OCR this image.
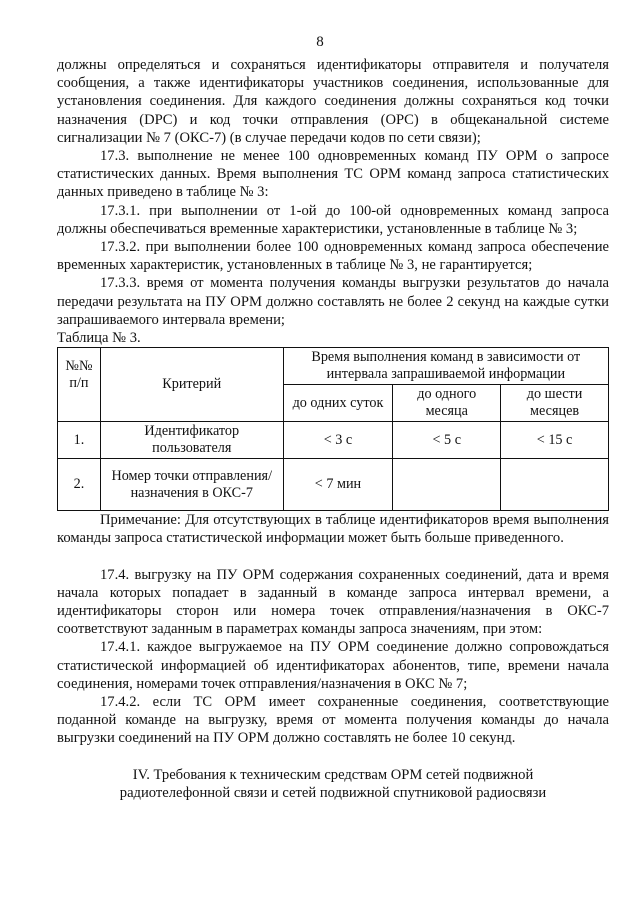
8

должны определяться и сохраняться идентификаторы отправителя и получателя сообщения, а также идентификаторы участников соединения, использованные для установления соединения. Для каждого соединения должны сохраняться код точки назначения (DPC) и код точки отправления (OPC) в общеканальной системе сигнализации № 7 (ОКС-7) (в случае передачи кодов по сети связи);

17.3. выполнение не менее 100 одновременных команд ПУ ОРМ о запросе статистических данных. Время выполнения ТС ОРМ команд запроса статистических данных приведено в таблице № 3:

17.3.1. при выполнении от 1-ой до 100-ой одновременных команд запроса должны обеспечиваться временные характеристики, установленные в таблице № 3;

17.3.2. при выполнении более 100 одновременных команд запроса обеспечение временных характеристик, установленных в таблице № 3, не гарантируется;

17.3.3. время от момента получения команды выгрузки результатов до начала передачи результата на ПУ ОРМ должно составлять не более 2 секунд на каждые сутки запрашиваемого интервала времени;

Таблица № 3.

№№ п/п	Критерий	Время выполнения команд в зависимости от интервала запрашиваемой информации		
		до одних суток	до одного месяца	до шести месяцев
1.	Идентификатор пользователя	< 3 с	< 5 с	< 15 с
2.	Номер точки отправления/назначения в ОКС-7	< 7 мин		

Примечание: Для отсутствующих в таблице идентификаторов время выполнения команды запроса статистической информации может быть больше приведенного.

17.4. выгрузку на ПУ ОРМ содержания сохраненных соединений, дата и время начала которых попадает в заданный в команде запроса интервал времени, а идентификаторы сторон или номера точек отправления/назначения в ОКС-7 соответствуют заданным в параметрах команды запроса значениям, при этом:

17.4.1. каждое выгружаемое на ПУ ОРМ соединение должно сопровождаться статистической информацией об идентификаторах абонентов, типе, времени начала соединения, номерами точек отправления/назначения в ОКС № 7;

17.4.2. если ТС ОРМ имеет сохраненные соединения, соответствующие поданной команде на выгрузку, время от момента получения команды до начала выгрузки соединений на ПУ ОРМ должно составлять не более 10 секунд.

IV. Требования к техническим средствам ОРМ сетей подвижной

радиотелефонной связи и сетей подвижной спутниковой радиосвязи
